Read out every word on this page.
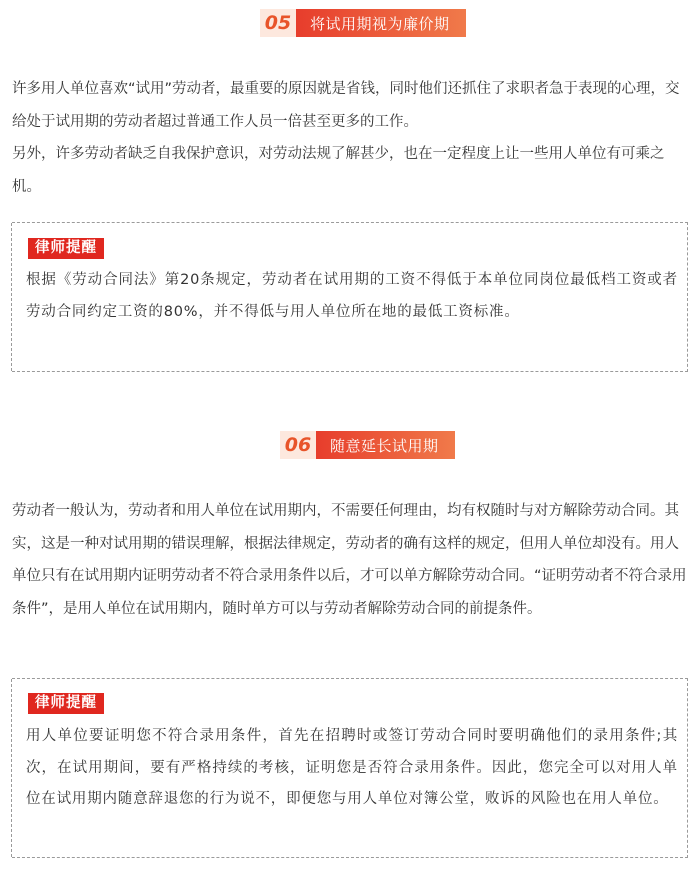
05	将试用期视为廉价期

许多用人单位喜欢“试用”劳动者，最重要的原因就是省钱，同时他们还抓住了求职者急于表现的心理，交给处于试用期的劳动者超过普通工作人员一倍甚至更多的工作。

另外，许多劳动者缺乏自我保护意识，对劳动法规了解甚少，也在一定程度上让一些用人单位有可乘之机。

律师提醒

根据《劳动合同法》第20条规定，劳动者在试用期的工资不得低于本单位同岗位最低档工资或者劳动合同约定工资的80%，并不得低与用人单位所在地的最低工资标准。

06	随意延长试用期

劳动者一般认为，劳动者和用人单位在试用期内，不需要任何理由，均有权随时与对方解除劳动合同。其实，这是一种对试用期的错误理解，根据法律规定，劳动者的确有这样的规定，但用人单位却没有。用人单位只有在试用期内证明劳动者不符合录用条件以后，才可以单方解除劳动合同。“证明劳动者不符合录用条件”，是用人单位在试用期内，随时单方可以与劳动者解除劳动合同的前提条件。

律师提醒

用人单位要证明您不符合录用条件，首先在招聘时或签订劳动合同时要明确他们的录用条件;其次，在试用期间，要有严格持续的考核，证明您是否符合录用条件。因此，您完全可以对用人单位在试用期内随意辞退您的行为说不，即便您与用人单位对簿公堂，败诉的风险也在用人单位。
